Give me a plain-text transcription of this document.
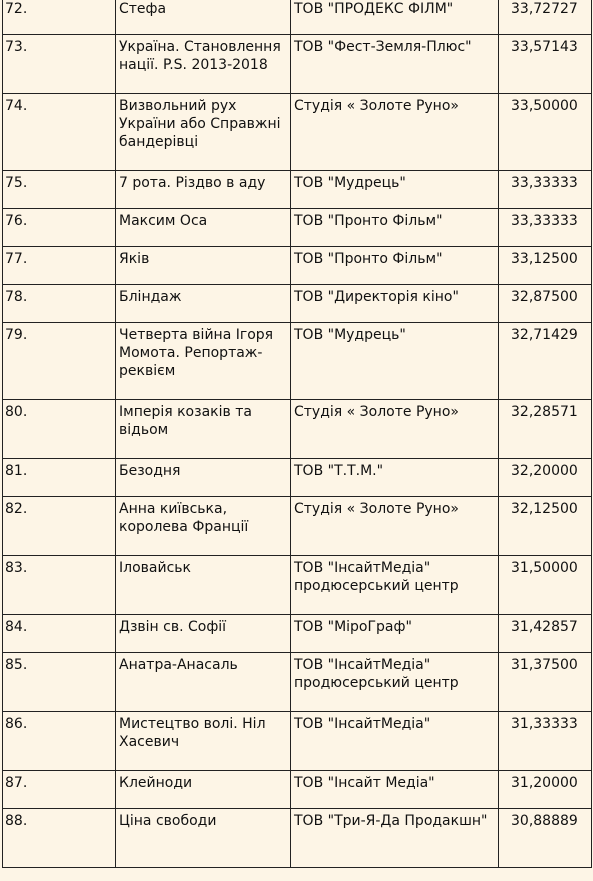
72.	Стефа	ТОВ "ПРОДЕКС ФІЛМ"	33,72727
73.	Україна. Становлення нації. P.S. 2013-2018	ТОВ "Фест-Земля-Плюс"	33,57143
74.	Визвольний рух України або Справжні бандерівці	Студія « Золоте Руно»	33,50000
75.	7 рота. Різдво в аду	ТОВ "Мудрець"	33,33333
76.	Максим Оса	ТОВ "Пронто Фільм"	33,33333
77.	Яків	ТОВ "Пронто Фільм"	33,12500
78.	Бліндаж	ТОВ "Директорія кіно"	32,87500
79.	Четверта війна Ігоря Момота. Репортаж-реквієм	ТОВ "Мудрець"	32,71429
80.	Імперія козаків та відьом	Студія « Золоте Руно»	32,28571
81.	Безодня	ТОВ "Т.Т.М."	32,20000
82.	Анна київська, королева Франції	Студія « Золоте Руно»	32,12500
83.	Іловайськ	ТОВ "ІнсайтМедіа" продюсерський центр	31,50000
84.	Дзвін св. Софії	ТОВ "МіроГраф"	31,42857
85.	Анатра-Анасаль	ТОВ "ІнсайтМедіа" продюсерський центр	31,37500
86.	Мистецтво волі. Ніл Хасевич	ТОВ "ІнсайтМедіа"	31,33333
87.	Клейноди	ТОВ "Інсайт Медіа"	31,20000
88.	Ціна свободи	ТОВ "Три-Я-Да Продакшн"	30,88889
